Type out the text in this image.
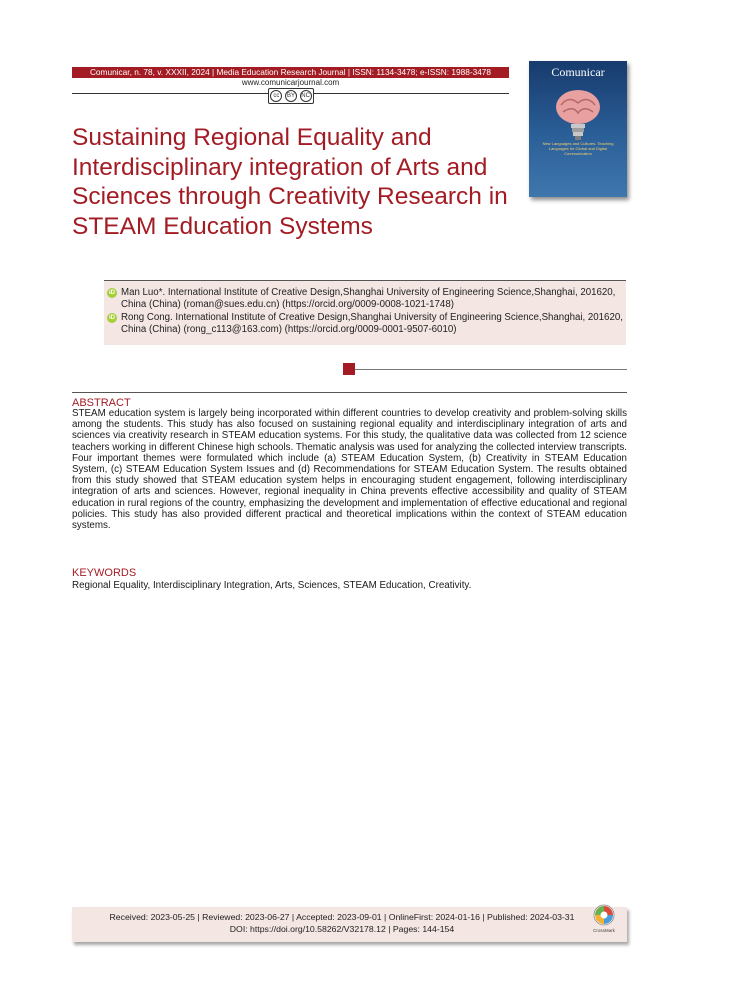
Comunicar, n. 78, v. XXXII, 2024 | Media Education Research Journal | ISSN: 1134-3478; e-ISSN: 1988-3478
www.comunicarjournal.com
cc	BY	NC
Comunicar
New Languages and Cultures. Teaching Languages for Global and Digital Communication
Sustaining Regional Equality and Interdisciplinary integration of Arts and Sciences through Creativity Research in STEAM Education Systems
iD Man Luo*. International Institute of Creative Design,Shanghai University of Engineering Science,Shanghai, 201620, China (China) (roman@sues.edu.cn) (https://orcid.org/0009-0008-1021-1748)
iD Rong Cong. International Institute of Creative Design,Shanghai University of Engineering Science,Shanghai, 201620, China (China) (rong_c113@163.com) (https://orcid.org/0009-0001-9507-6010)
ABSTRACT

STEAM education system is largely being incorporated within different countries to develop creativity and problem-solving skills among the students. This study has also focused on sustaining regional equality and interdisciplinary integration of arts and sciences via creativity research in STEAM education systems. For this study, the qualitative data was collected from 12 science teachers working in different Chinese high schools. Thematic analysis was used for analyzing the collected interview transcripts. Four important themes were formulated which include (a) STEAM Education System, (b) Creativity in STEAM Education System, (c) STEAM Education System Issues and (d) Recommendations for STEAM Education System. The results obtained from this study showed that STEAM education system helps in encouraging student engagement, following interdisciplinary integration of arts and sciences. However, regional inequality in China prevents effective accessibility and quality of STEAM education in rural regions of the country, emphasizing the development and implementation of effective educational and regional policies. This study has also provided different practical and theoretical implications within the context of STEAM education systems.

KEYWORDS

Regional Equality, Interdisciplinary Integration, Arts, Sciences, STEAM Education, Creativity.

Received: 2023-05-25 | Reviewed: 2023-06-27 | Accepted: 2023-09-01 | OnlineFirst: 2024-01-16 | Published: 2024-03-31
DOI: https://doi.org/10.58262/V32178.12 | Pages: 144-154	CrossMark
